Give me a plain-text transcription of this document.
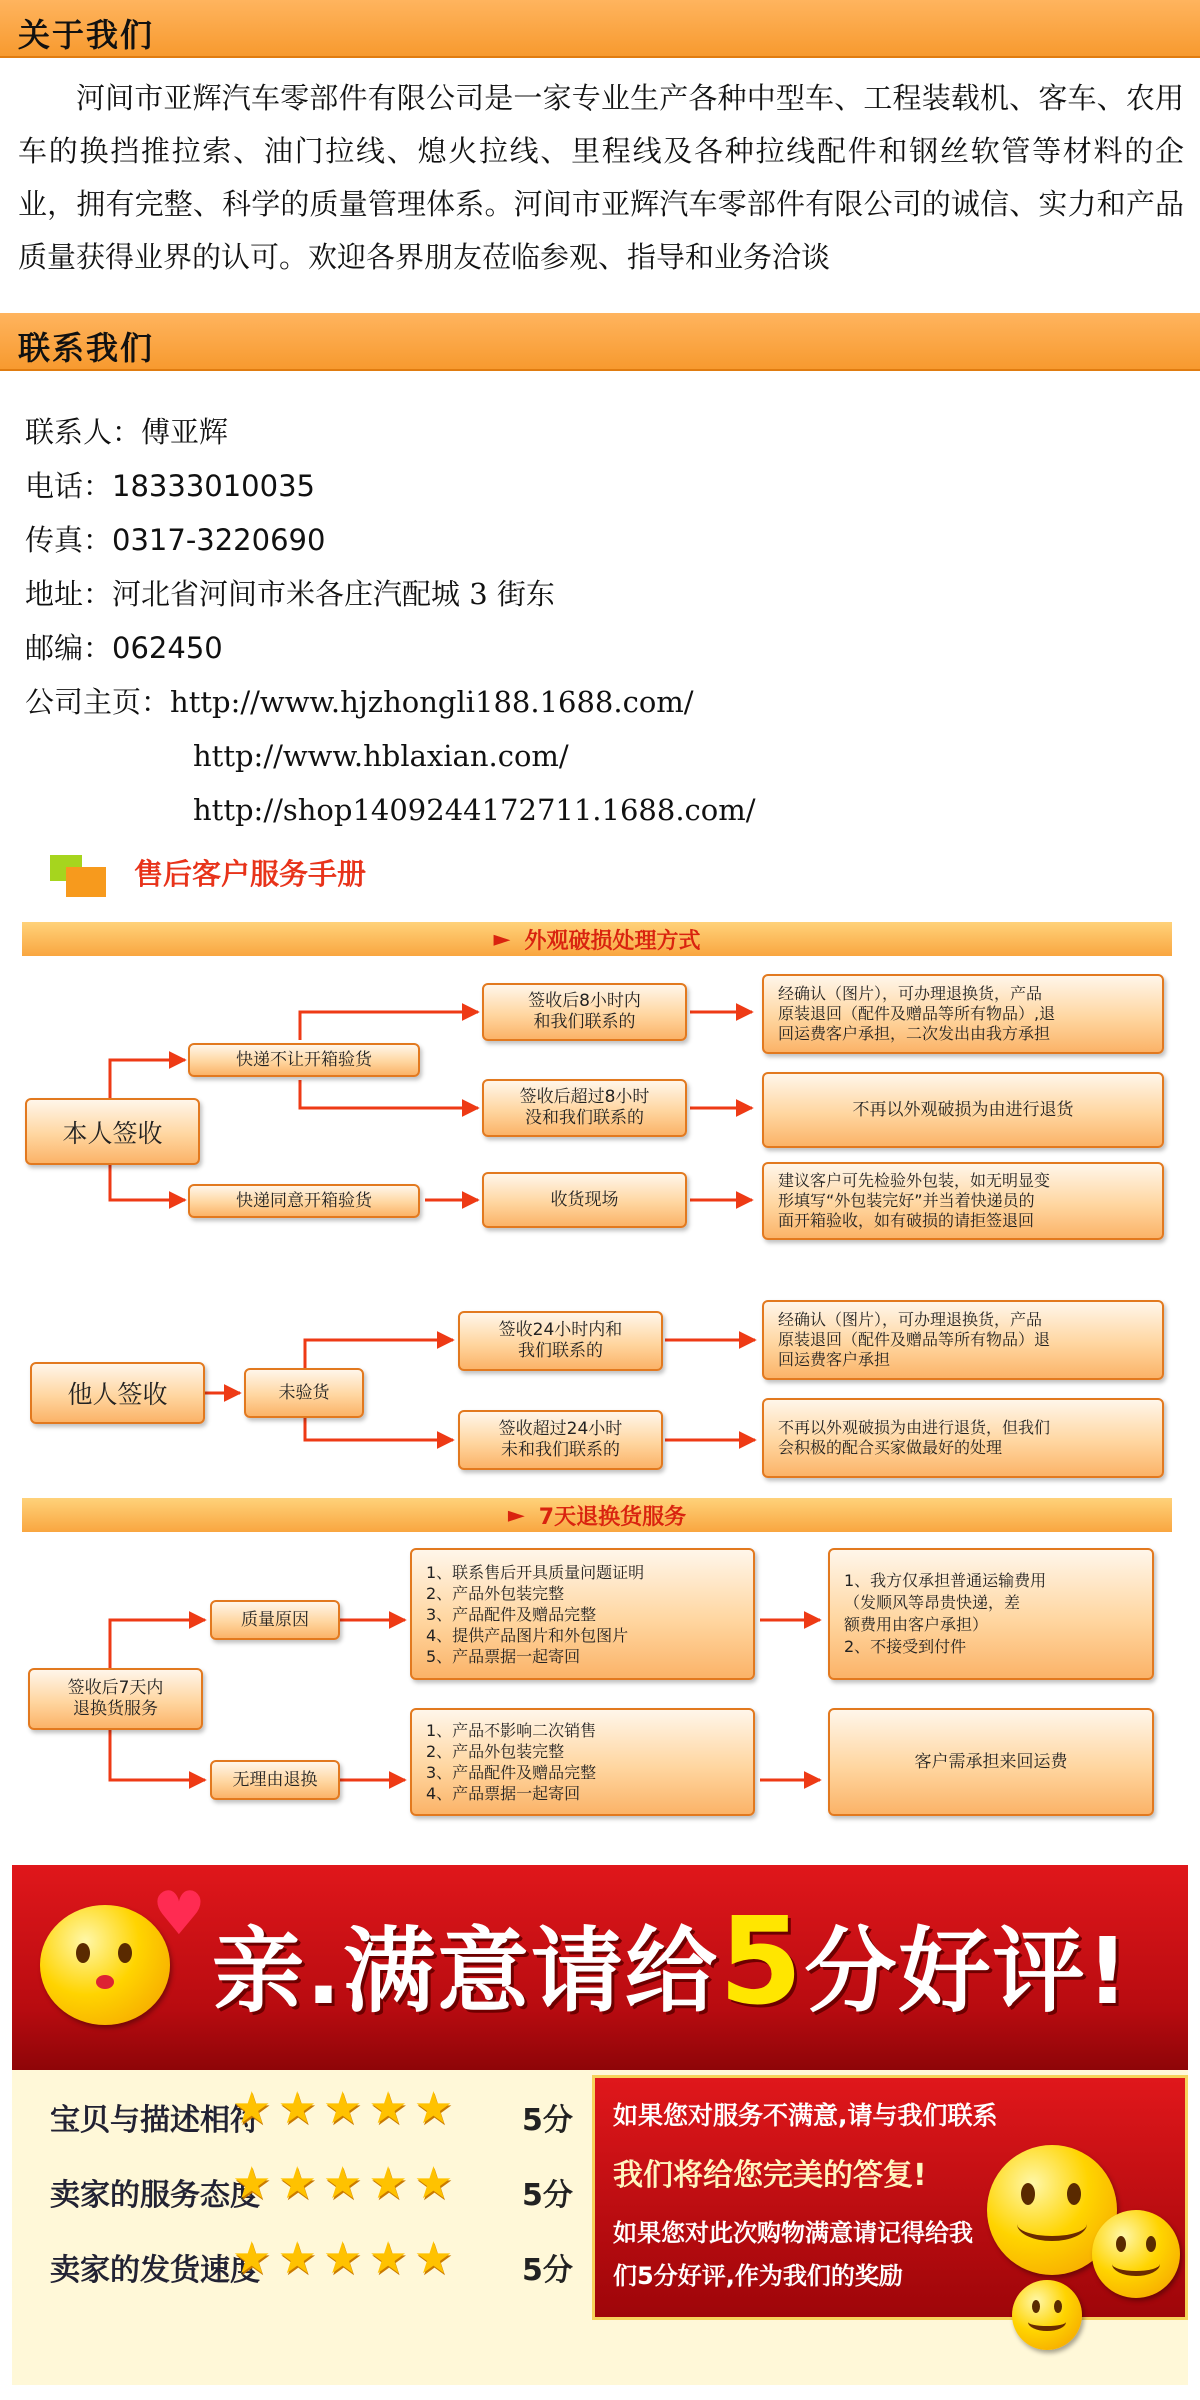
关于我们
河间市亚辉汽车零部件有限公司是一家专业生产各种中型车、工程装载机、客车、农用车的换挡推拉索、油门拉线、熄火拉线、里程线及各种拉线配件和钢丝软管等材料的企 业，拥有完整、科学的质量管理体系。河间市亚辉汽车零部件有限公司的诚信、实力和产品质量获得业界的认可。欢迎各界朋友莅临参观、指导和业务洽谈
联系我们
联系人：傅亚辉
电话：18333010035
传真：0317-3220690
地址：河北省河间市米各庄汽配城 3 街东
邮编：062450
公司主页：http://www.hjzhongli188.1688.com/
http://www.hblaxian.com/
http://shop1409244172711.1688.com/
售后客户服务手册
► 外观破损处理方式
本人签收
快递不让开箱验货
签收后8小时内
和我们联系的
经确认（图片），可办理退换货，产品
原装退回（配件及赠品等所有物品）,退
回运费客户承担，二次发出由我方承担
签收后超过8小时
没和我们联系的	不再以外观破损为由进行退货
快递同意开箱验货	收货现场
建议客户可先检验外包装，如无明显变
形填写“外包装完好”并当着快递员的
面开箱验收，如有破损的请拒签退回
他人签收	未验货
签收24小时内和
我们联系的
经确认（图片），可办理退换货，产品
原装退回（配件及赠品等所有物品）退
回运费客户承担
签收超过24小时
未和我们联系的
不再以外观破损为由进行退货，但我们
会积极的配合买家做最好的处理
► 7天退换货服务
签收后7天内
退换货服务
质量原因
1、联系售后开具质量问题证明
2、产品外包装完整
3、产品配件及赠品完整
4、提供产品图片和外包图片
5、产品票据一起寄回
1、我方仅承担普通运输费用
（发顺风等昂贵快递，差
额费用由客户承担）
2、不接受到付件
无理由退换
1、产品不影响二次销售
2、产品外包装完整
3、产品配件及赠品完整
4、产品票据一起寄回
客户需承担来回运费
♥
亲.满意请给5分好评!
宝贝与描述相符
★★★★★ 5分
卖家的服务态度
★★★★★ 5分
卖家的发货速度
★★★★★ 5分

如果您对服务不满意,请与我们联系

我们将给您完美的答复!

如果您对此次购物满意请记得给我

们5分好评,作为我们的奖励
